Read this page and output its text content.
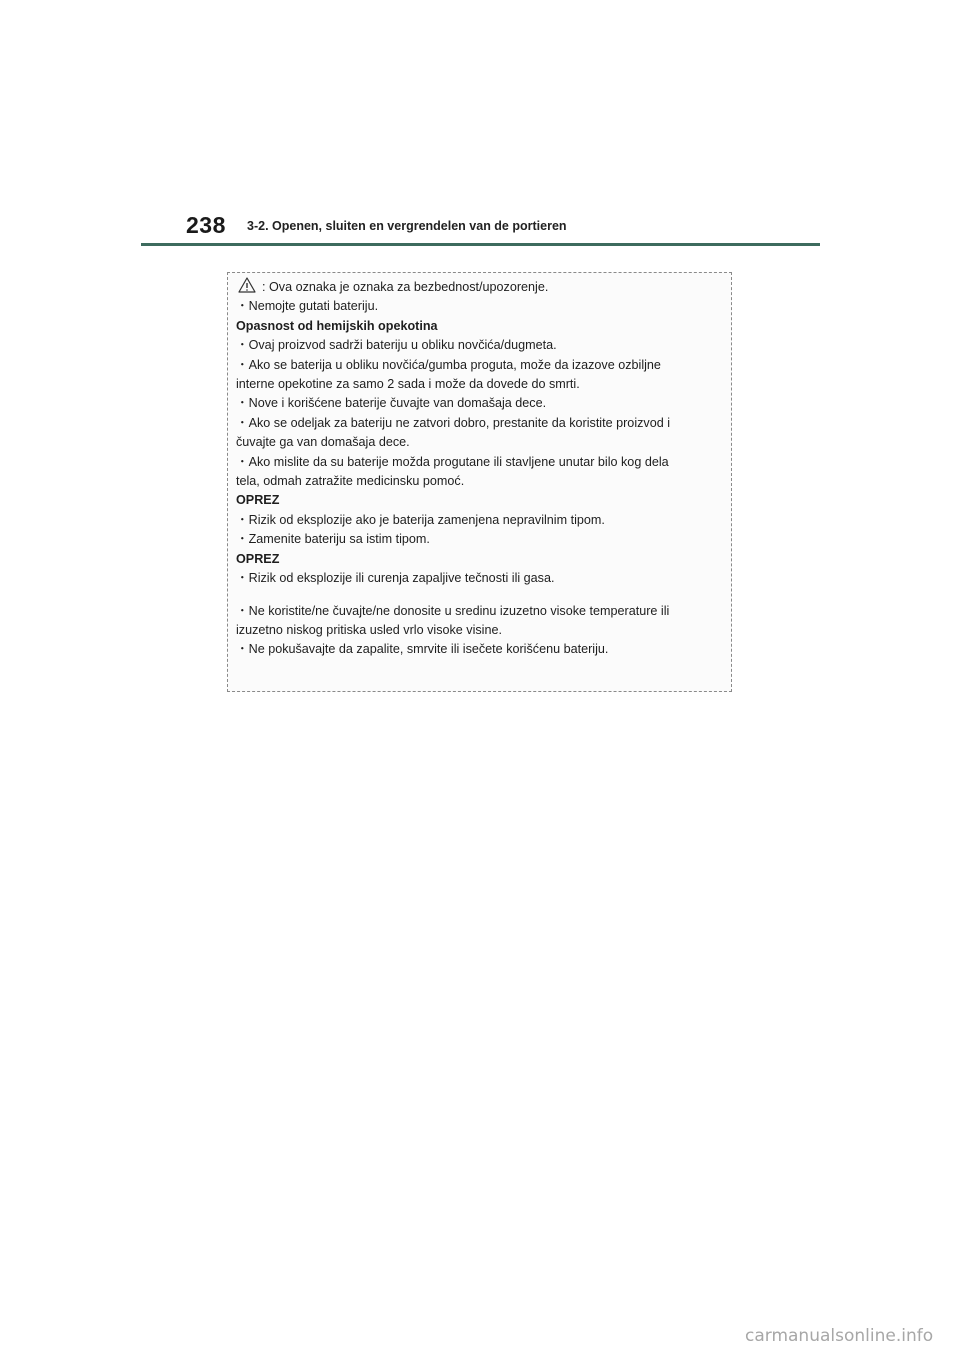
238 3-2. Openen, sluiten en vergrendelen van de portieren
: Ova oznaka je oznaka za bezbednost/upozorenje.
・Nemojte gutati bateriju.
Opasnost od hemijskih opekotina
・Ovaj proizvod sadrži bateriju u obliku novčića/dugmeta.
・Ako se baterija u obliku novčića/gumba proguta, može da izazove ozbiljne
interne opekotine za samo 2 sada i može da dovede do smrti.
・Nove i korišćene baterije čuvajte van domašaja dece.
・Ako se odeljak za bateriju ne zatvori dobro, prestanite da koristite proizvod i
čuvajte ga van domašaja dece.
・Ako mislite da su baterije možda progutane ili stavljene unutar bilo kog dela
tela, odmah zatražite medicinsku pomoć.
OPREZ
・Rizik od eksplozije ako je baterija zamenjena nepravilnim tipom.
・Zamenite bateriju sa istim tipom.
OPREZ
・Rizik od eksplozije ili curenja zapaljive tečnosti ili gasa.
・Ne koristite/ne čuvajte/ne donosite u sredinu izuzetno visoke temperature ili
izuzetno niskog pritiska usled vrlo visoke visine.
・Ne pokušavajte da zapalite, smrvite ili isečete korišćenu bateriju.
carmanualsonline.info
